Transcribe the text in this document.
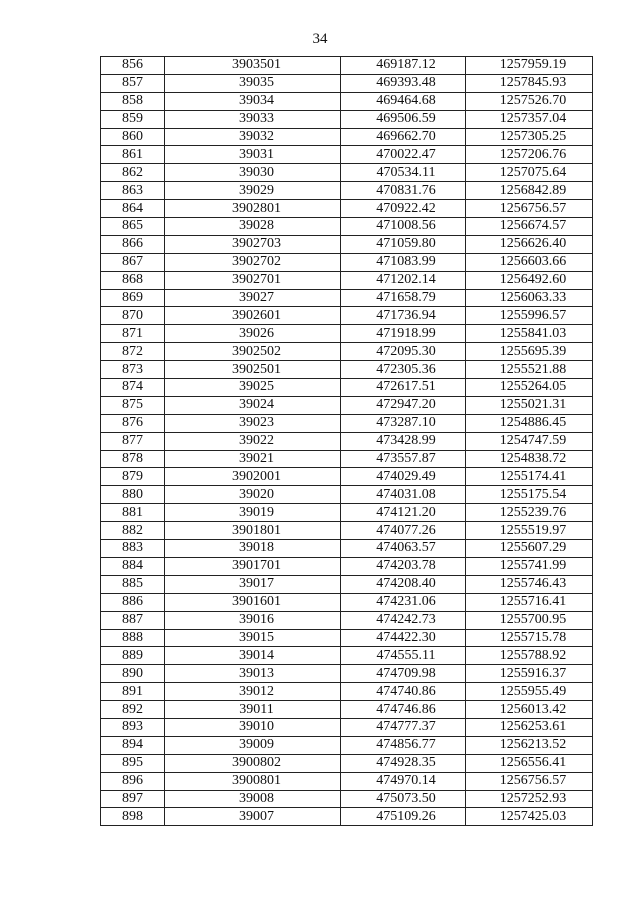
34
856	3903501	469187.12	1257959.19
857	39035	469393.48	1257845.93
858	39034	469464.68	1257526.70
859	39033	469506.59	1257357.04
860	39032	469662.70	1257305.25
861	39031	470022.47	1257206.76
862	39030	470534.11	1257075.64
863	39029	470831.76	1256842.89
864	3902801	470922.42	1256756.57
865	39028	471008.56	1256674.57
866	3902703	471059.80	1256626.40
867	3902702	471083.99	1256603.66
868	3902701	471202.14	1256492.60
869	39027	471658.79	1256063.33
870	3902601	471736.94	1255996.57
871	39026	471918.99	1255841.03
872	3902502	472095.30	1255695.39
873	3902501	472305.36	1255521.88
874	39025	472617.51	1255264.05
875	39024	472947.20	1255021.31
876	39023	473287.10	1254886.45
877	39022	473428.99	1254747.59
878	39021	473557.87	1254838.72
879	3902001	474029.49	1255174.41
880	39020	474031.08	1255175.54
881	39019	474121.20	1255239.76
882	3901801	474077.26	1255519.97
883	39018	474063.57	1255607.29
884	3901701	474203.78	1255741.99
885	39017	474208.40	1255746.43
886	3901601	474231.06	1255716.41
887	39016	474242.73	1255700.95
888	39015	474422.30	1255715.78
889	39014	474555.11	1255788.92
890	39013	474709.98	1255916.37
891	39012	474740.86	1255955.49
892	39011	474746.86	1256013.42
893	39010	474777.37	1256253.61
894	39009	474856.77	1256213.52
895	3900802	474928.35	1256556.41
896	3900801	474970.14	1256756.57
897	39008	475073.50	1257252.93
898	39007	475109.26	1257425.03
